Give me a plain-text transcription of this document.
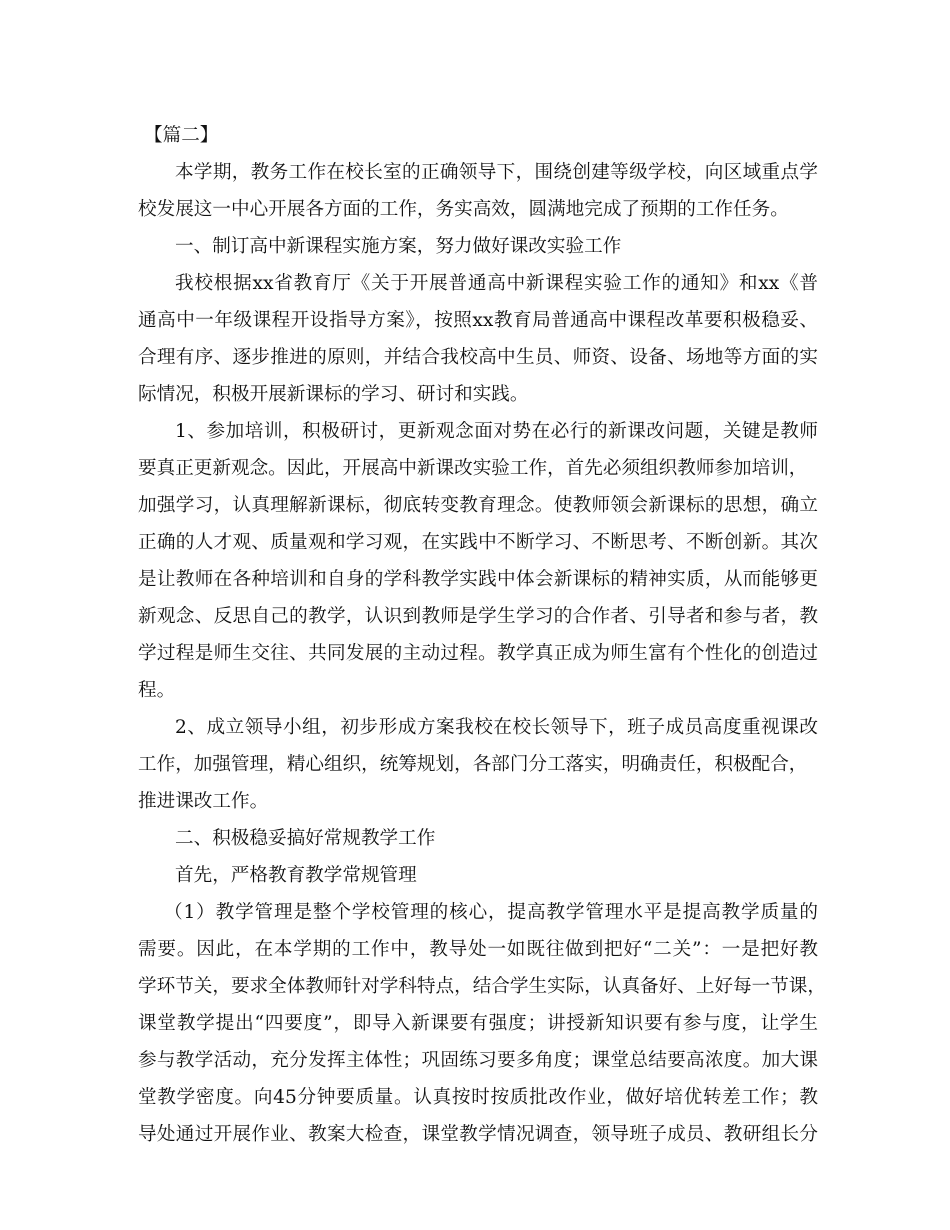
【篇二】
本学期，教务工作在校长室的正确领导下，围绕创建等级学校，向区域重点学
校发展这一中心开展各方面的工作，务实高效，圆满地完成了预期的工作任务。
一、制订高中新课程实施方案，努力做好课改实验工作
我校根据xx省教育厅《关于开展普通高中新课程实验工作的通知》和xx《普
通高中一年级课程开设指导方案》，按照xx教育局普通高中课程改革要积极稳妥、
合理有序、逐步推进的原则，并结合我校高中生员、师资、设备、场地等方面的实
际情况，积极开展新课标的学习、研讨和实践。
1、参加培训，积极研讨，更新观念面对势在必行的新课改问题，关键是教师
要真正更新观念。因此，开展高中新课改实验工作，首先必须组织教师参加培训，
加强学习，认真理解新课标，彻底转变教育理念。使教师领会新课标的思想，确立
正确的人才观、质量观和学习观，在实践中不断学习、不断思考、不断创新。其次
是让教师在各种培训和自身的学科教学实践中体会新课标的精神实质，从而能够更
新观念、反思自己的教学，认识到教师是学生学习的合作者、引导者和参与者，教
学过程是师生交往、共同发展的主动过程。教学真正成为师生富有个性化的创造过
程。
2、成立领导小组，初步形成方案我校在校长领导下，班子成员高度重视课改
工作，加强管理，精心组织，统筹规划，各部门分工落实，明确责任，积极配合，
推进课改工作。
二、积极稳妥搞好常规教学工作
首先，严格教育教学常规管理
（1）教学管理是整个学校管理的核心，提高教学管理水平是提高教学质量的
需要。因此，在本学期的工作中，教导处一如既往做到把好“二关”：一是把好教
学环节关，要求全体教师针对学科特点，结合学生实际，认真备好、上好每一节课，
课堂教学提出“四要度”，即导入新课要有强度；讲授新知识要有参与度，让学生
参与教学活动，充分发挥主体性；巩固练习要多角度；课堂总结要高浓度。加大课
堂教学密度。向45分钟要质量。认真按时按质批改作业，做好培优转差工作；教
导处通过开展作业、教案大检查，课堂教学情况调查，领导班子成员、教研组长分
